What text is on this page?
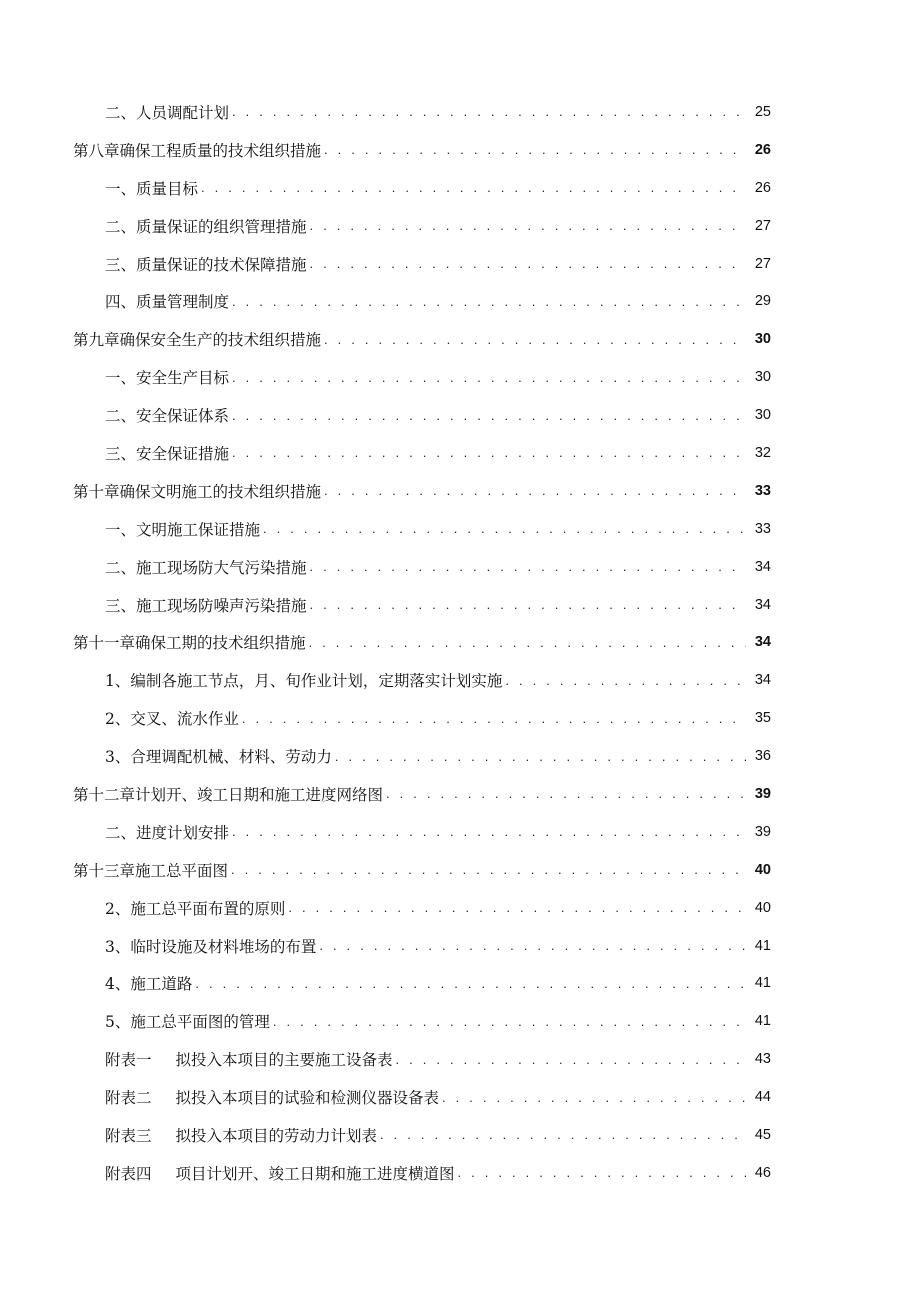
二、人员调配计划 . . .	25
第八章确保工程质量的技术组织措施 . . .	26
一、质量目标 . . .	26
二、质量保证的组织管理措施 . . .	27
三、质量保证的技术保障措施 . . .	27
四、质量管理制度 . . .	29
第九章确保安全生产的技术组织措施 . . .	30
一、安全生产目标 . . .	30
二、安全保证体系 . . .	30
三、安全保证措施 . . .	32
第十章确保文明施工的技术组织措施 . . .	33
一、文明施工保证措施 . . .	33
二、施工现场防大气污染措施 . . .	34
三、施工现场防噪声污染措施 . . .	34
第十一章确保工期的技术组织措施 . . .	34
1、编制各施工节点，月、旬作业计划，定期落实计划实施 . . .	34
2、交叉、流水作业 . . .	35
3、合理调配机械、材料、劳动力 . . .	36
第十二章计划开、竣工日期和施工进度网络图 . . .	39
二、进度计划安排 . . .	39
第十三章施工总平面图 . . .	40
2、施工总平面布置的原则 . . .	40
3、临时设施及材料堆场的布置 . . .	41
4、施工道路 . . .	41
5、施工总平面图的管理 . . .	41
附表一 拟投入本项目的主要施工设备表 . . .	43
附表二 拟投入本项目的试验和检测仪器设备表 . . .	44
附表三 拟投入本项目的劳动力计划表 . . .	45
附表四 项目计划开、竣工日期和施工进度横道图 . . .	46
